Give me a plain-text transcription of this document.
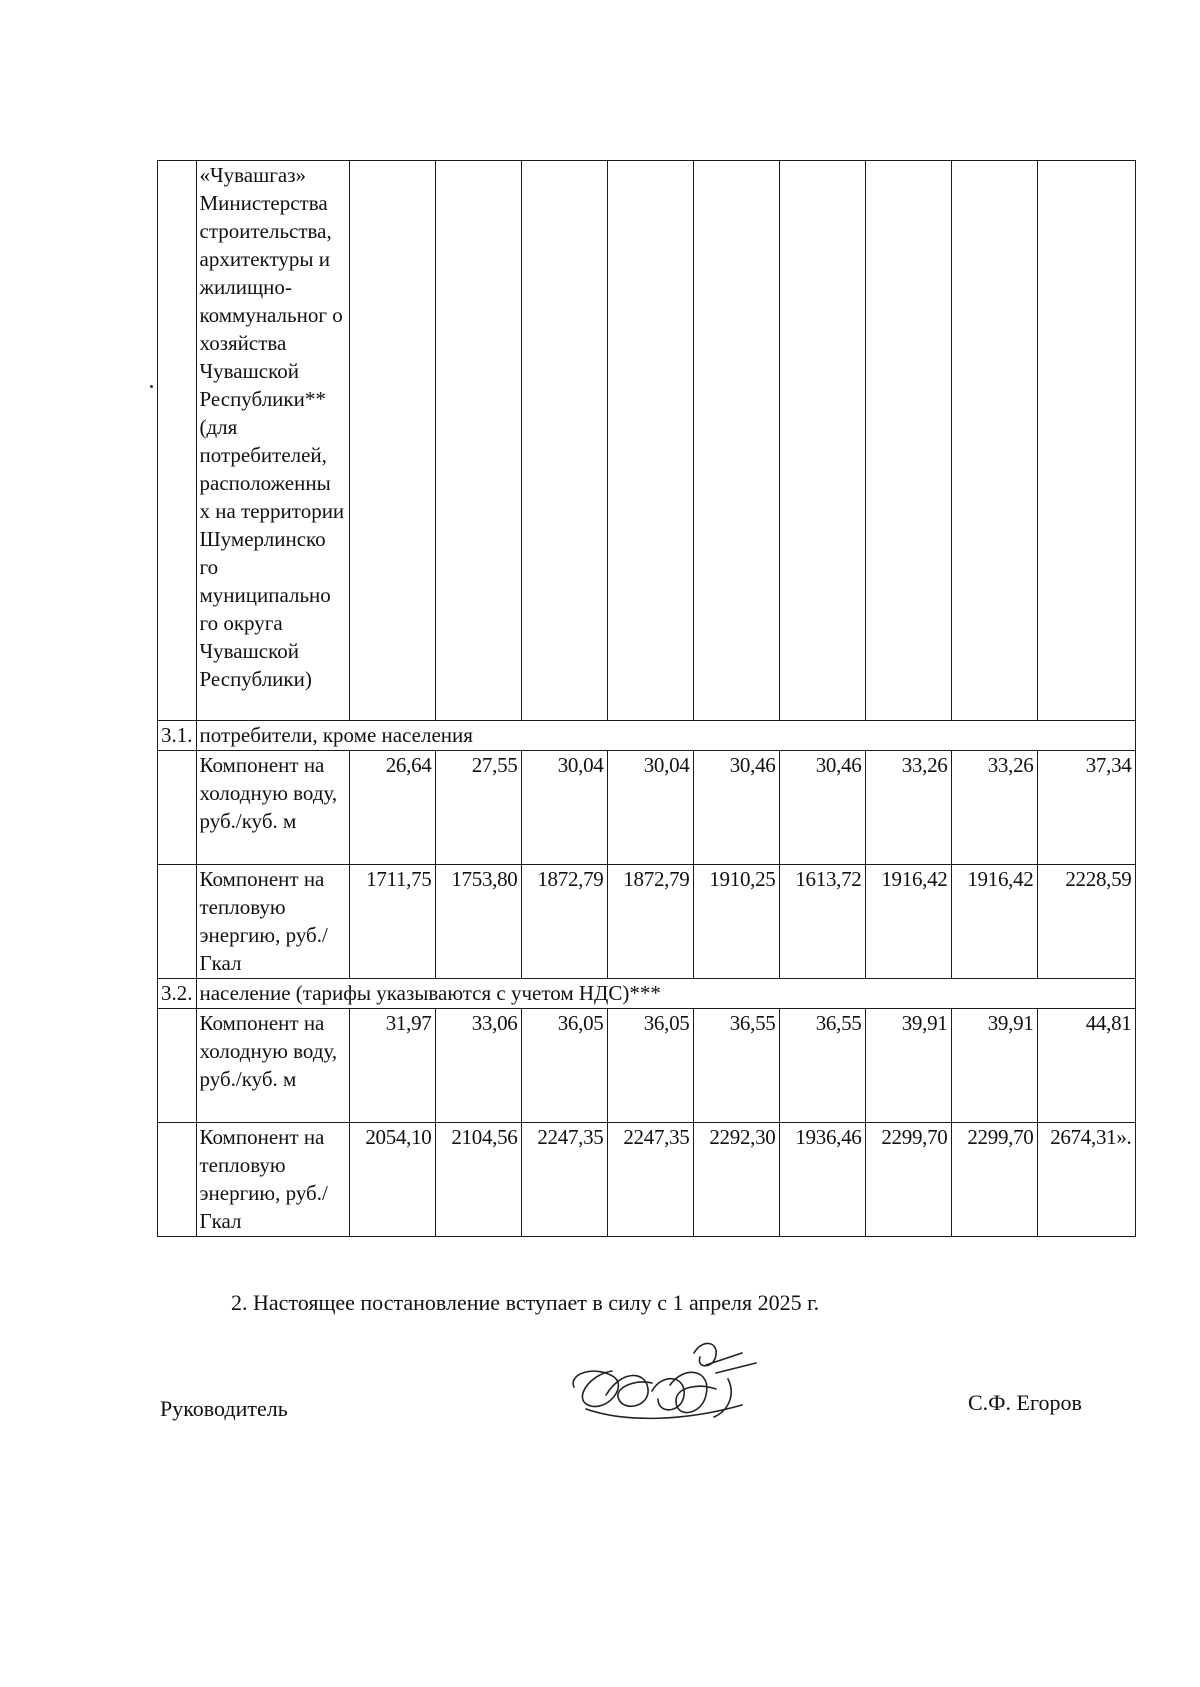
	«Чувашгаз» Министерства строительства, архитектуры и жилищно-коммунальног о хозяйства Чувашской Республики** (для потребителей, расположенны х на территории Шумерлинско го муниципально го округа Чувашской Республики)									
3.1.	потребители, кроме населения									
	Компонент на холодную воду, руб./куб. м	26,64	27,55	30,04	30,04	30,46	30,46	33,26	33,26	37,34
	Компонент на тепловую энергию, руб./Гкал	1711,75	1753,80	1872,79	1872,79	1910,25	1613,72	1916,42	1916,42	2228,59
3.2.	население (тарифы указываются с учетом НДС)***									
	Компонент на холодную воду, руб./куб. м	31,97	33,06	36,05	36,05	36,55	36,55	39,91	39,91	44,81
	Компонент на тепловую энергию, руб./Гкал	2054,10	2104,56	2247,35	2247,35	2292,30	1936,46	2299,70	2299,70	2674,31».
2. Настоящее постановление вступает в силу с 1 апреля 2025 г.
Руководитель	С.Ф. Егоров
